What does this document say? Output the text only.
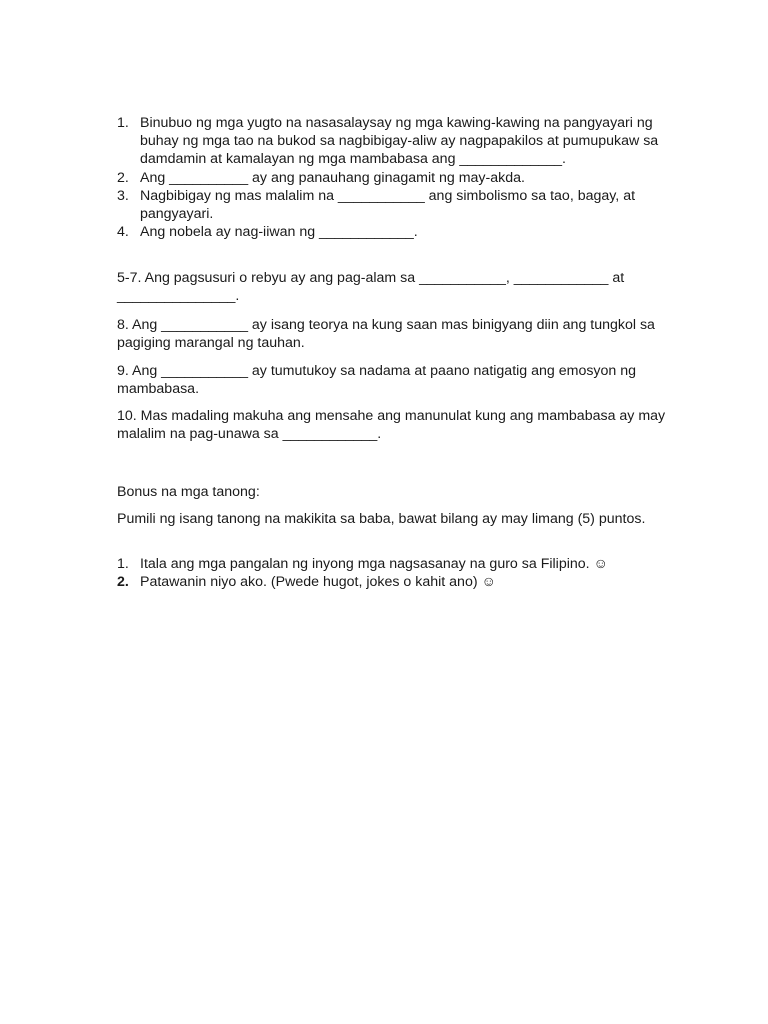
1. Binubuo ng mga yugto na nasasalaysay ng mga kawing-kawing na pangyayari ng buhay ng mga tao na bukod sa nagbibigay-aliw ay nagpapakilos at pumupukaw sa damdamin at kamalayan ng mga mambabasa ang _____________.
2. Ang __________ ay ang panauhang ginagamit ng may-akda.
3. Nagbibigay ng mas malalim na ___________ ang simbolismo sa tao, bagay, at pangyayari.
4. Ang nobela ay nag-iiwan ng ____________.

5-7. Ang pagsusuri o rebyu ay ang pag-alam sa ___________, ____________ at _______________.

8. Ang ___________ ay isang teorya na kung saan mas binigyang diin ang tungkol sa pagiging marangal ng tauhan.

9. Ang ___________ ay tumutukoy sa nadama at paano natigatig ang emosyon ng mambabasa.

10. Mas madaling makuha ang mensahe ang manunulat kung ang mambabasa ay may malalim na pag-unawa sa ____________.

Bonus na mga tanong:

Pumili ng isang tanong na makikita sa baba, bawat bilang ay may limang (5) puntos.

1. Itala ang mga pangalan ng inyong mga nagsasanay na guro sa Filipino. ☺
2. Patawanin niyo ako. (Pwede hugot, jokes o kahit ano) ☺
